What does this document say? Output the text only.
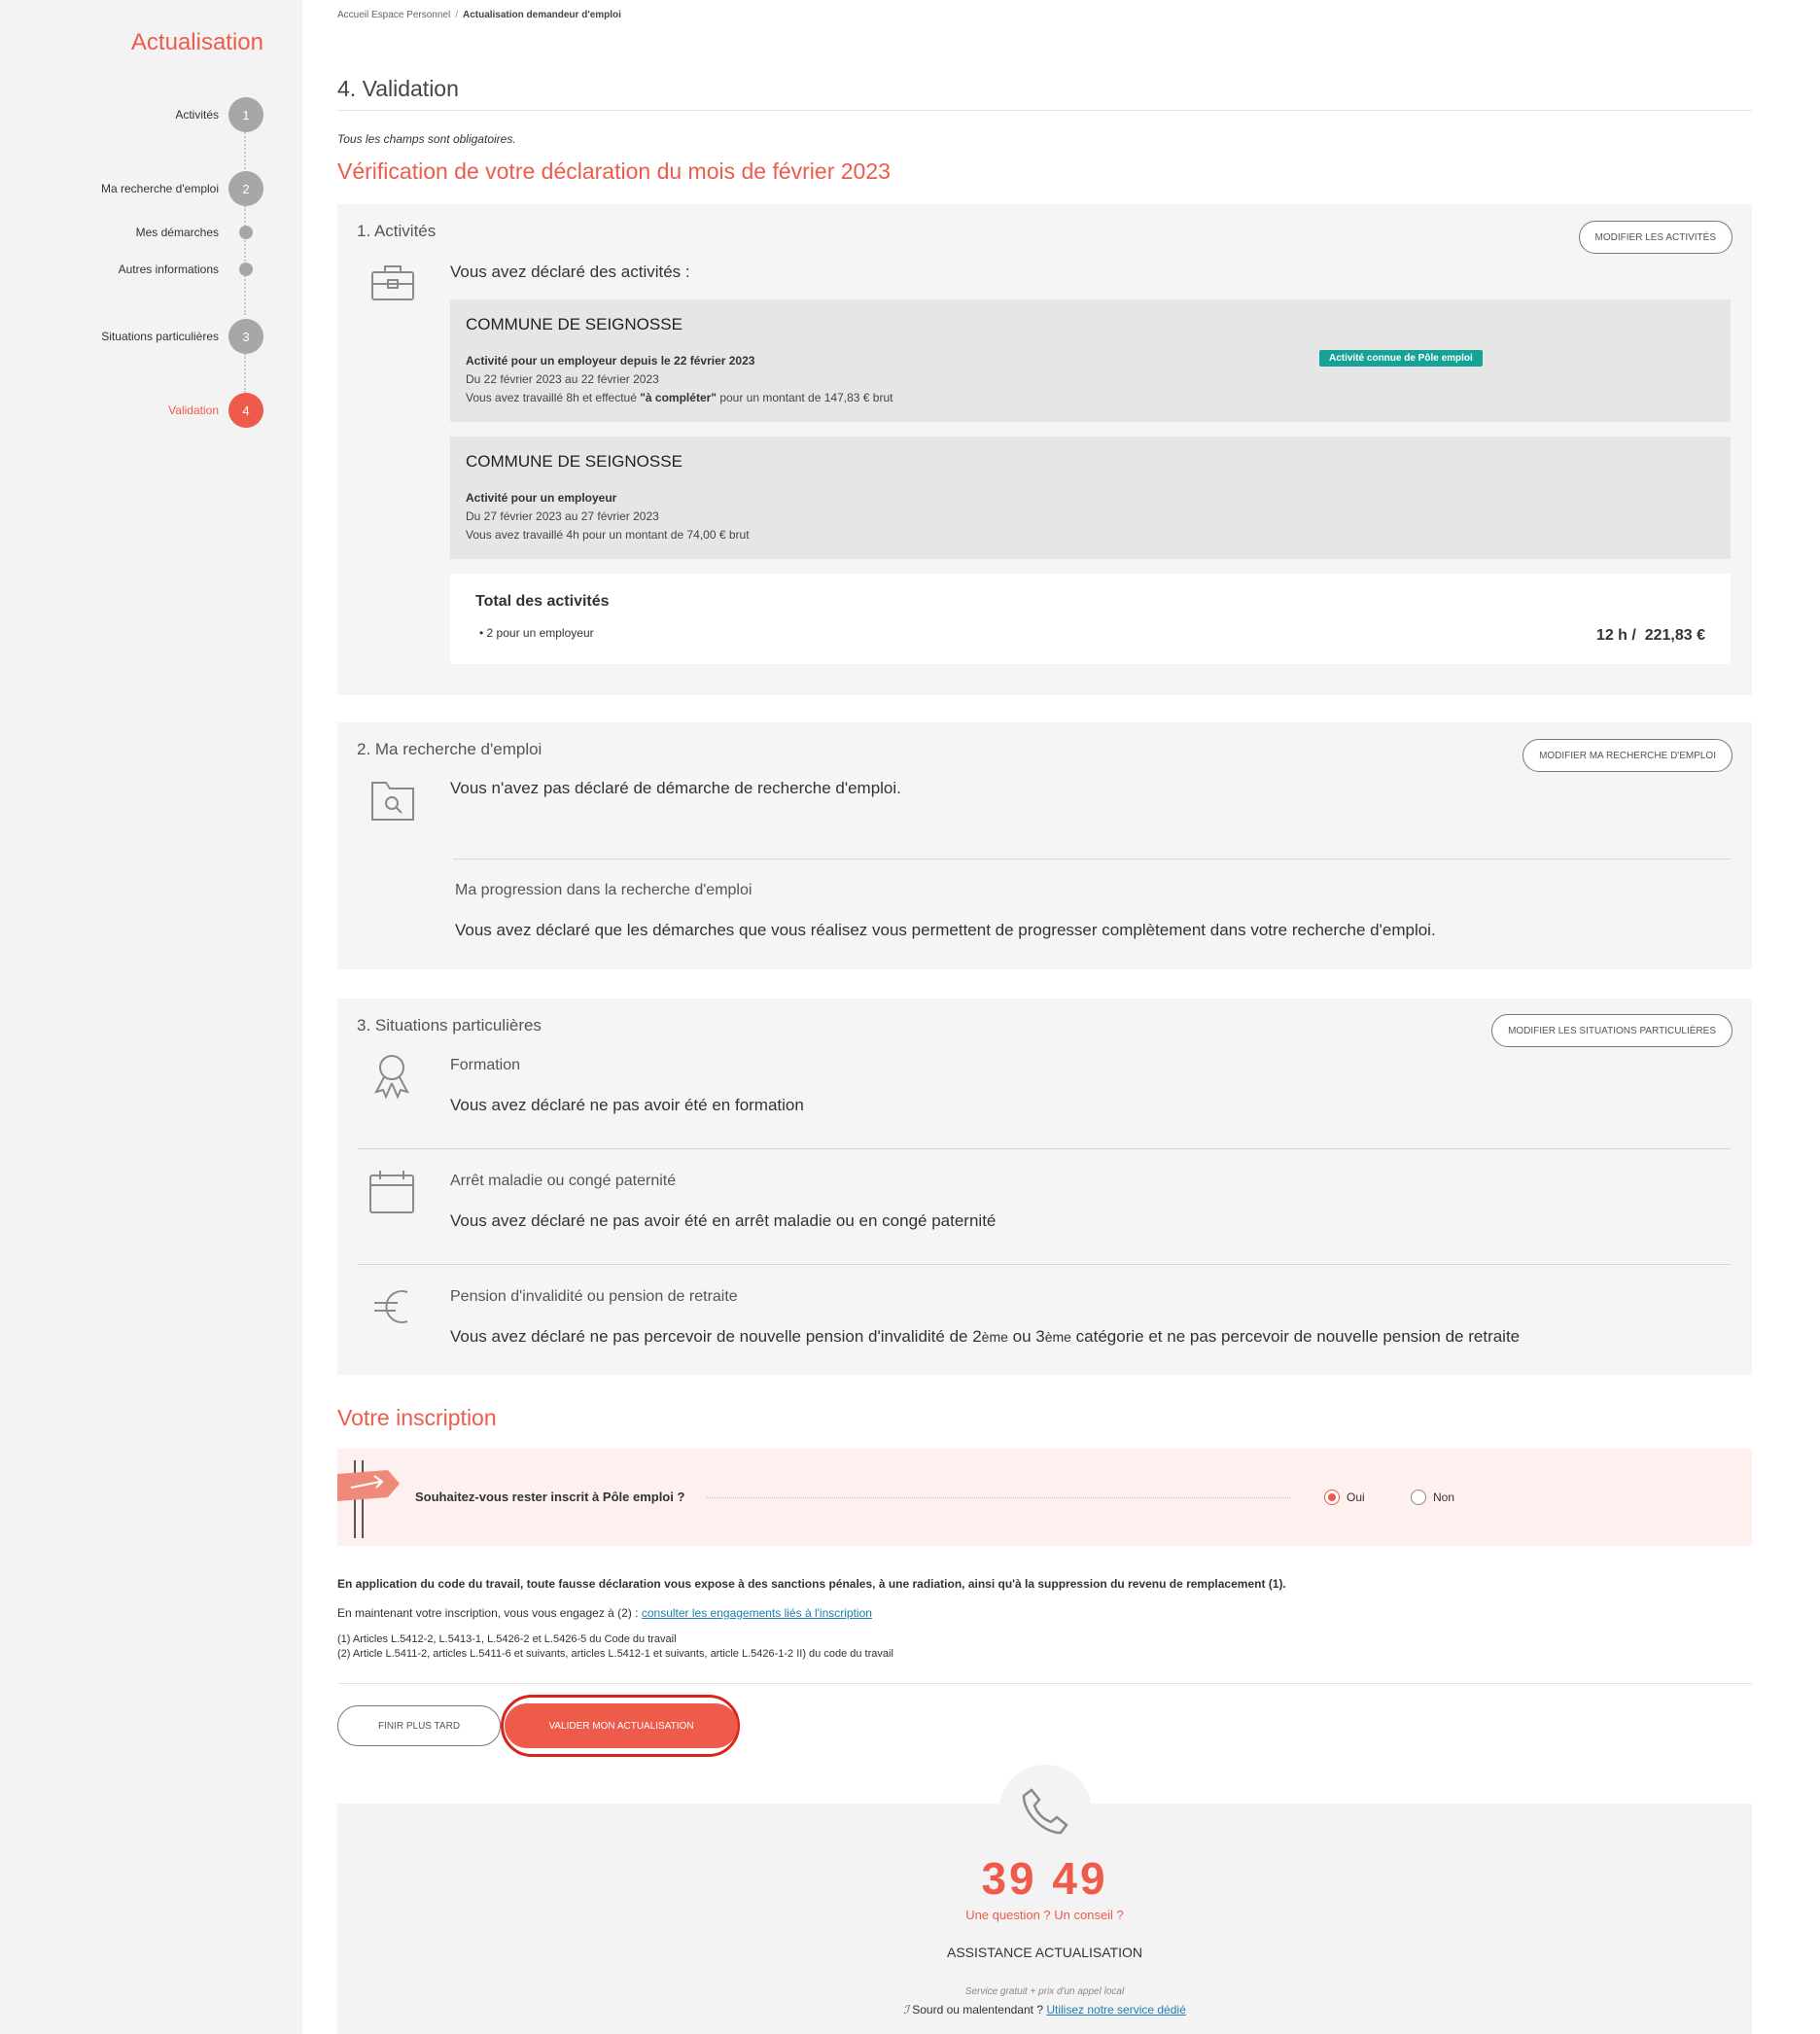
Actualisation
Activités	1
Ma recherche d'emploi	2
Mes démarches
Autres informations
Situations particulières	3
Validation	4
Accueil Espace Personnel / Actualisation demandeur d'emploi
4. Validation
Tous les champs sont obligatoires.
Vérification de votre déclaration du mois de février 2023
1. Activités	MODIFIER LES ACTIVITÉS
Vous avez déclaré des activités :
COMMUNE DE SEIGNOSSE
Activité pour un employeur depuis le 22 février 2023
Du 22 février 2023 au 22 février 2023
Vous avez travaillé 8h et effectué "à compléter" pour un montant de 147,83 € brut
Activité connue de Pôle emploi
COMMUNE DE SEIGNOSSE
Activité pour un employeur
Du 27 février 2023 au 27 février 2023
Vous avez travaillé 4h pour un montant de 74,00 € brut
Total des activités
• 2 pour un employeur	12 h /  221,83 €
2. Ma recherche d'emploi	MODIFIER MA RECHERCHE D'EMPLOI
Vous n'avez pas déclaré de démarche de recherche d'emploi.
Ma progression dans la recherche d'emploi
Vous avez déclaré que les démarches que vous réalisez vous permettent de progresser complètement dans votre recherche d'emploi.
3. Situations particulières	MODIFIER LES SITUATIONS PARTICULIÈRES
Formation
Vous avez déclaré ne pas avoir été en formation
Arrêt maladie ou congé paternité
Vous avez déclaré ne pas avoir été en arrêt maladie ou en congé paternité
Pension d'invalidité ou pension de retraite
Vous avez déclaré ne pas percevoir de nouvelle pension d'invalidité de 2ème ou 3ème catégorie et ne pas percevoir de nouvelle pension de retraite
Votre inscription
Souhaitez-vous rester inscrit à Pôle emploi ?	Oui	Non
En application du code du travail, toute fausse déclaration vous expose à des sanctions pénales, à une radiation, ainsi qu'à la suppression du revenu de remplacement (1).
En maintenant votre inscription, vous vous engagez à (2) : consulter les engagements liés à l'inscription
(1) Articles L.5412-2, L.5413-1, L.5426-2 et L.5426-5 du Code du travail
(2) Article L.5411-2, articles L.5411-6 et suivants, articles L.5412-1 et suivants, article L.5426-1-2 II) du code du travail
FINIR PLUS TARD	VALIDER MON ACTUALISATION
39 49
Une question ? Un conseil ?
ASSISTANCE ACTUALISATION
Service gratuit + prix d'un appel local
ℐ Sourd ou malentendant ? Utilisez notre service dédié
